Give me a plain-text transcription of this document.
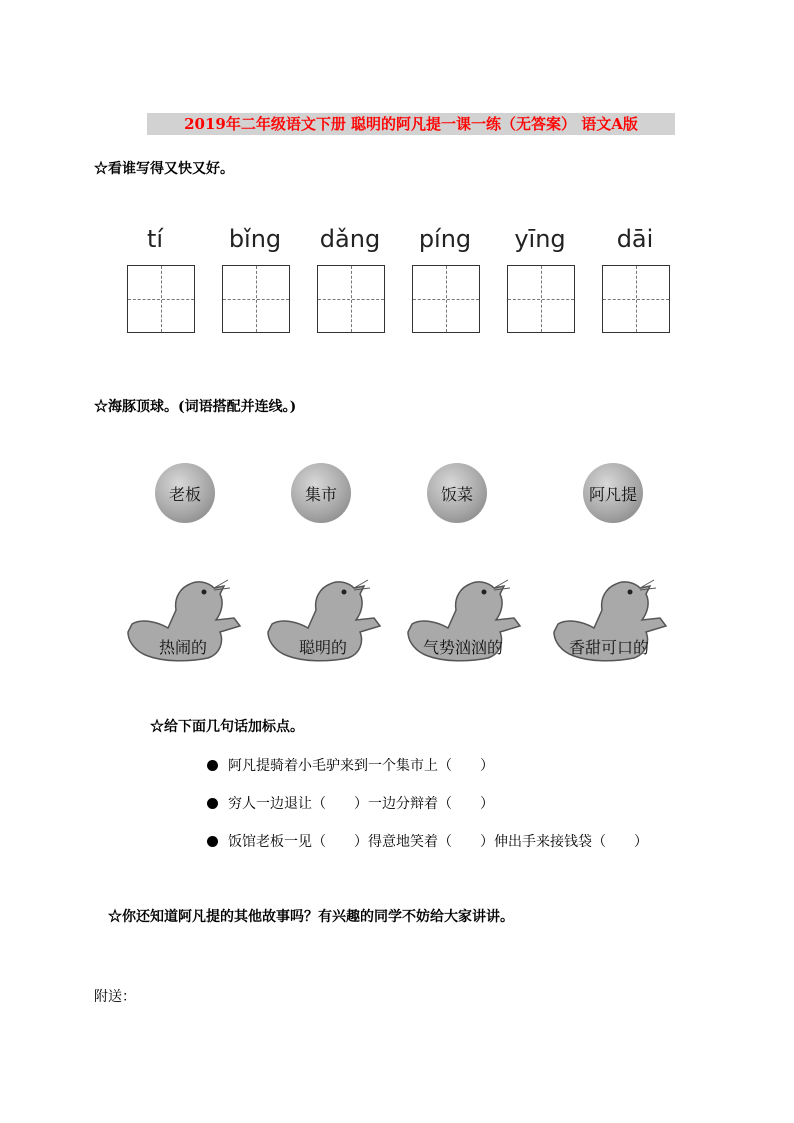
2019年二年级语文下册 聪明的阿凡提一课一练（无答案） 语文A版
☆看谁写得又快又好。
tí	bǐng	dǎng	píng	yīng	dāi
☆海豚顶球。(词语搭配并连线。)
老板	集市	饭菜	阿凡提
热闹的	聪明的	气势汹汹的	香甜可口的
☆给下面几句话加标点。
阿凡提骑着小毛驴来到一个集市上（　　）
穷人一边退让（　　）一边分辩着（　　）
饭馆老板一见（　　）得意地笑着（　　）伸出手来接钱袋（　　）
☆你还知道阿凡提的其他故事吗？有兴趣的同学不妨给大家讲讲。
附送：
